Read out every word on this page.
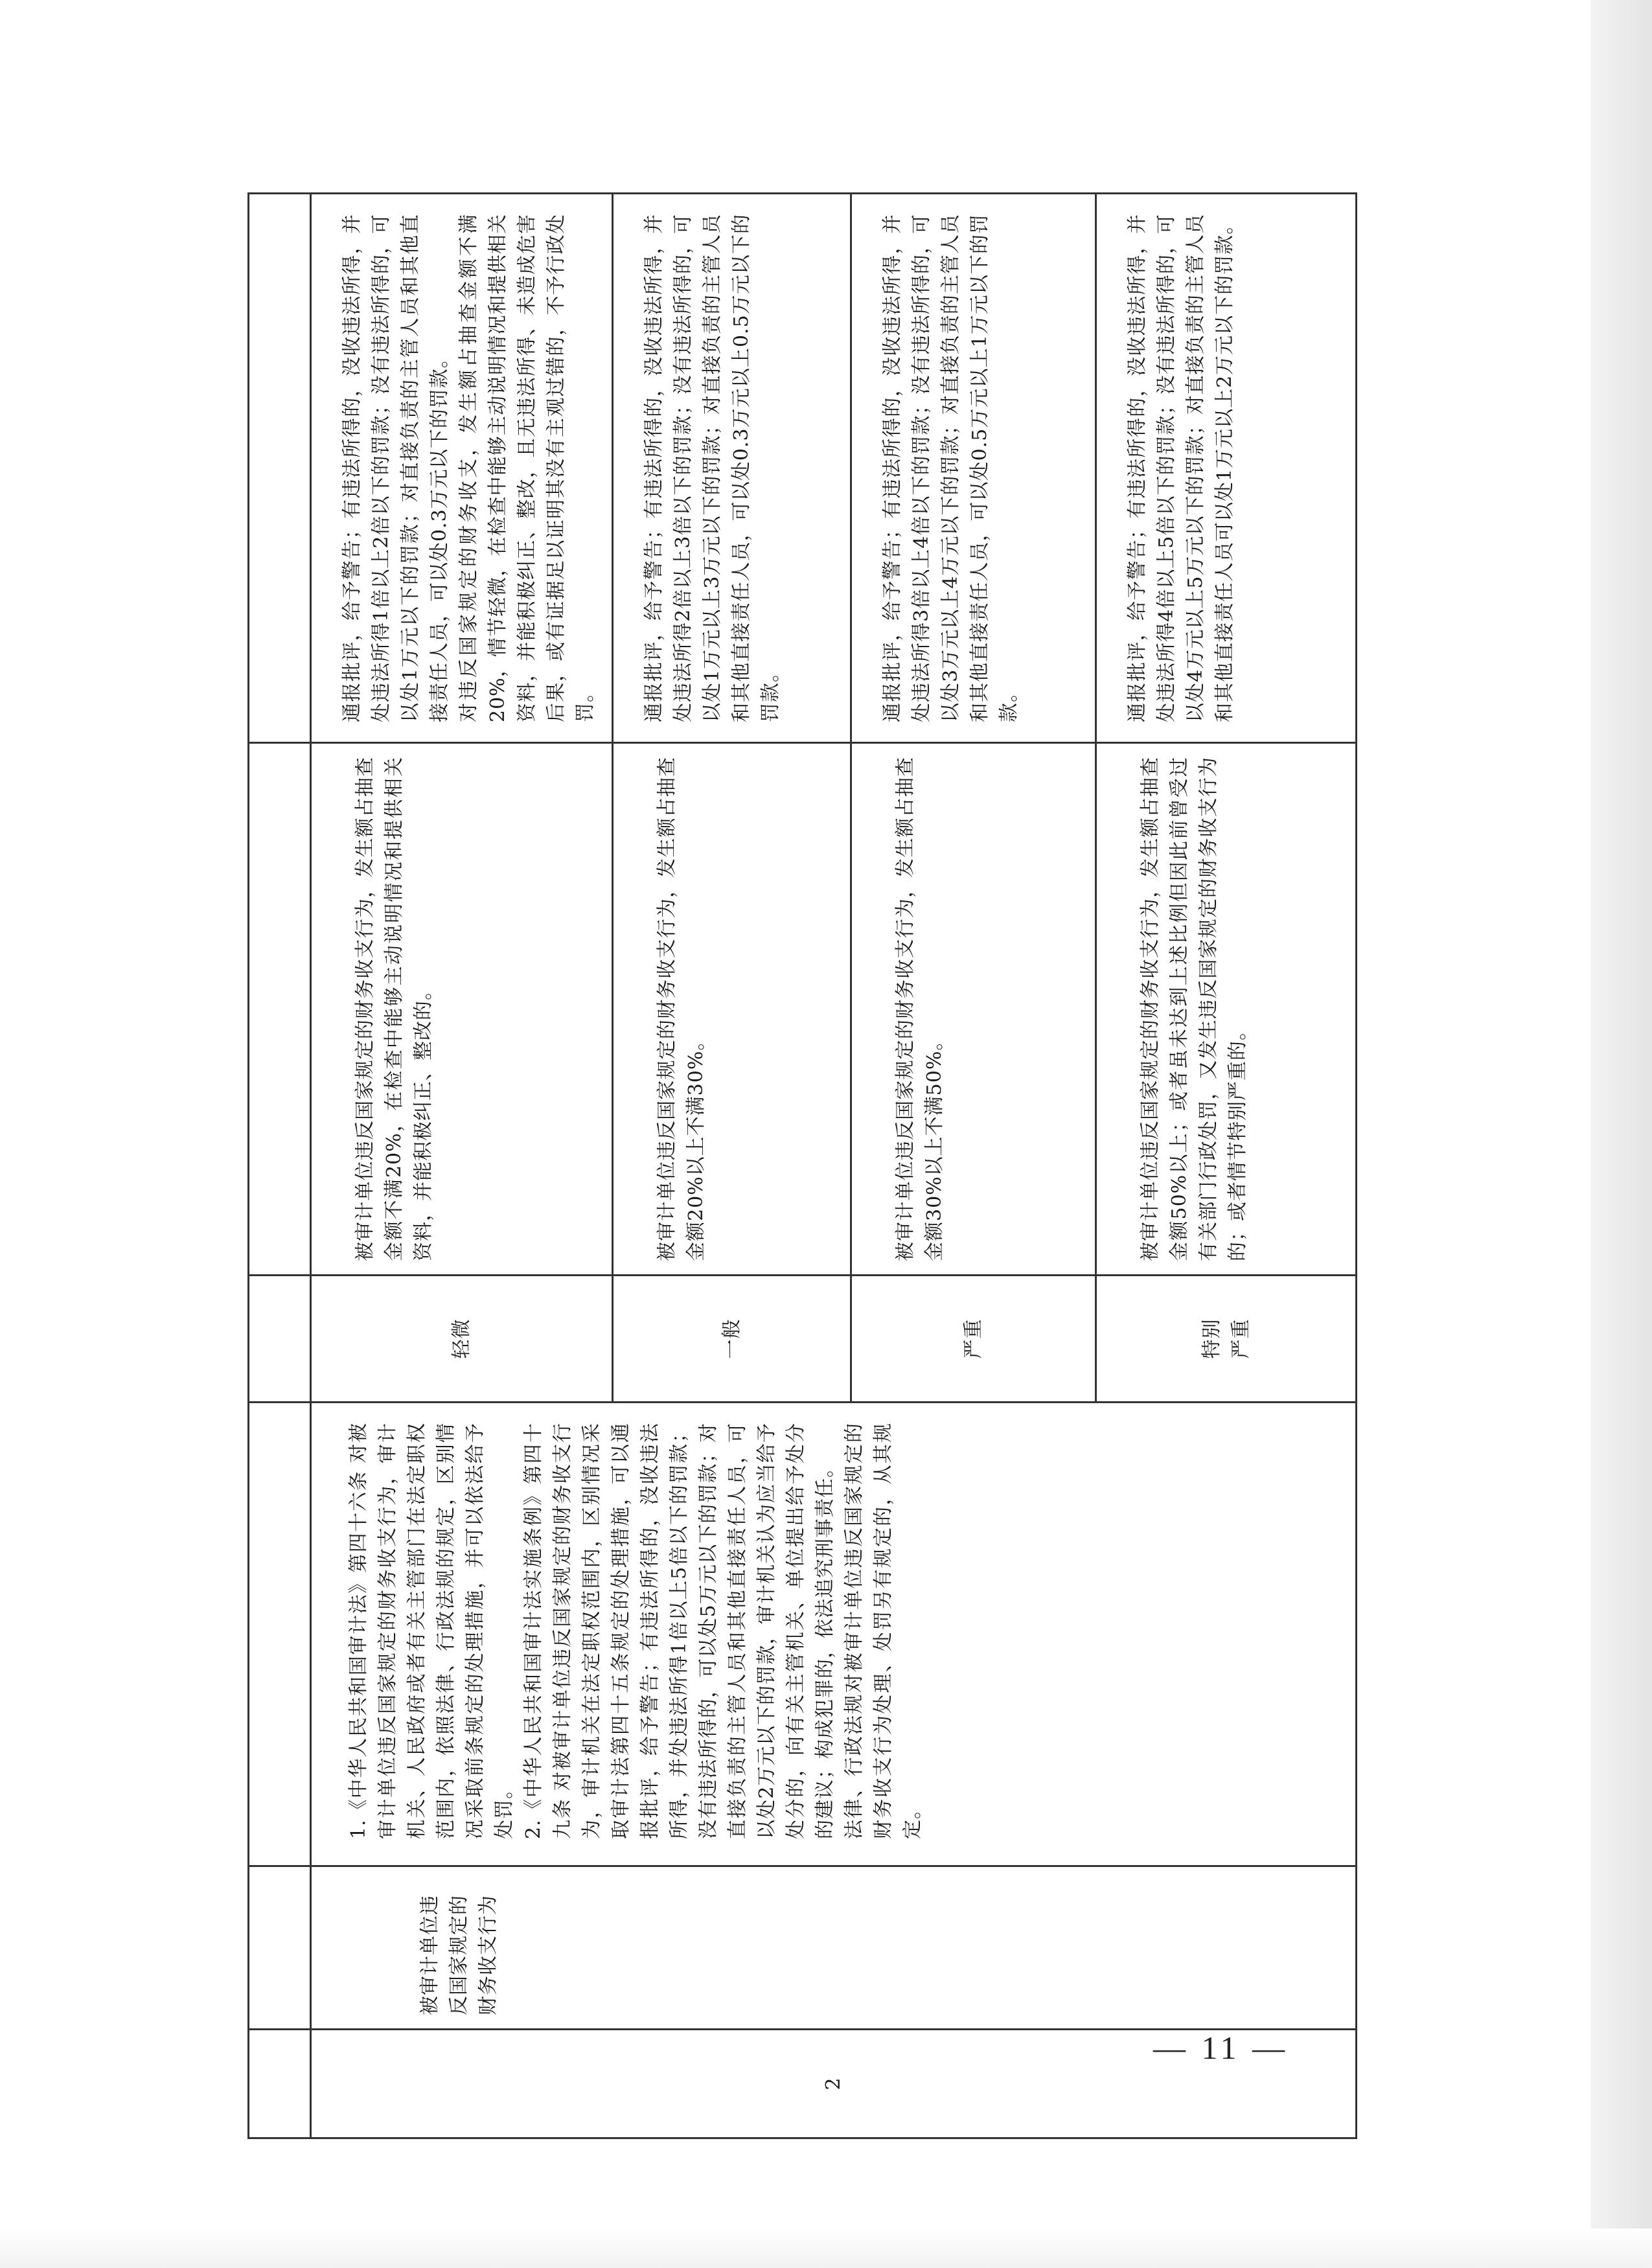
2	被审计单位违反国家规定的财务收支行为	1.《中华人民共和国审计法》第四十六条 对被审计单位违反国家规定的财务收支行为，审计机关、人民政府或者有关主管部门在法定职权范围内，依照法律、行政法规的规定，区别情况采取前条规定的处理措施，并可以依法给予处罚。
2.《中华人民共和国审计法实施条例》第四十九条 对被审计单位违反国家规定的财务收支行为，审计机关在法定职权范围内，区别情况采取审计法第四十五条规定的处理措施，可以通报批评，给予警告；有违法所得的，没收违法所得，并处违法所得1倍以上5倍以下的罚款；没有违法所得的，可以处5万元以下的罚款；对直接负责的主管人员和其他直接责任人员，可以处2万元以下的罚款，审计机关认为应当给予处分的，向有关主管机关、单位提出给予处分的建议；构成犯罪的，依法追究刑事责任。
法律、行政法规对被审计单位违反国家规定的财务收支行为处理、处罚另有规定的，从其规定。	轻微	被审计单位违反国家规定的财务收支行为，发生额占抽查金额不满20%，在检查中能够主动说明情况和提供相关资料，并能积极纠正、整改的。	通报批评，给予警告；有违法所得的，没收违法所得，并处违法所得1倍以上2倍以下的罚款；没有违法所得的，可以处1万元以下的罚款；对直接负责的主管人员和其他直接责任人员，可以处0.3万元以下的罚款。
对违反国家规定的财务收支，发生额占抽查金额不满20%，情节轻微，在检查中能够主动说明情况和提供相关资料，并能积极纠正、整改，且无违法所得、未造成危害后果，或有证据足以证明其没有主观过错的，不予行政处罚。

			一般	被审计单位违反国家规定的财务收支行为，发生额占抽查金额20%以上不满30%。	通报批评，给予警告；有违法所得的，没收违法所得，并处违法所得2倍以上3倍以下的罚款；没有违法所得的，可以处1万元以上3万元以下的罚款；对直接负责的主管人员和其他直接责任人员，可以处0.3万元以上0.5万元以下的罚款。

			严重	被审计单位违反国家规定的财务收支行为，发生额占抽查金额30%以上不满50%。	通报批评，给予警告；有违法所得的，没收违法所得，并处违法所得3倍以上4倍以下的罚款；没有违法所得的，可以处3万元以上4万元以下的罚款；对直接负责的主管人员和其他直接责任人员，可以处0.5万元以上1万元以下的罚款。

			特别严重	被审计单位违反国家规定的财务收支行为，发生额占抽查金额50%以上；或者虽未达到上述比例但因此前曾受过有关部门行政处罚，又发生违反国家规定的财务收支行为的；或者情节特别严重的。	通报批评，给予警告；有违法所得的，没收违法所得，并处违法所得4倍以上5倍以下的罚款；没有违法所得的，可以处4万元以上5万元以下的罚款；对直接负责的主管人员和其他直接责任人员可以处1万元以上2万元以下的罚款。
— 11 —
